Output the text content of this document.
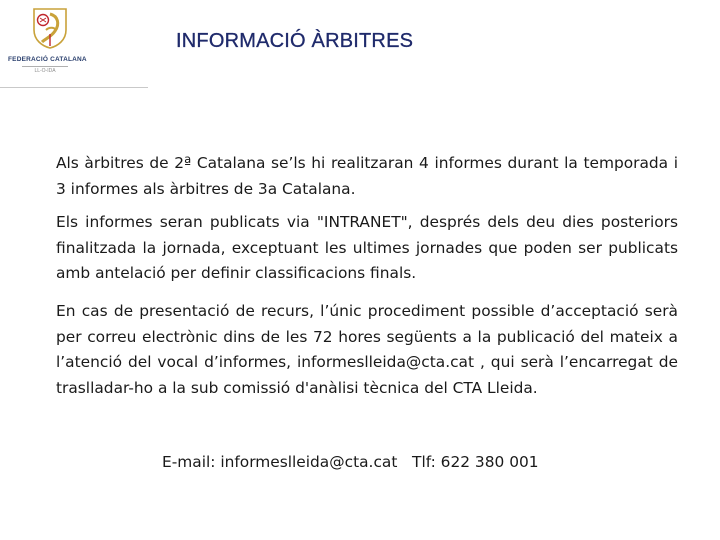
FEDERACIÓ CATALANA
LL-O-IDA
INFORMACIÓ ÀRBITRES

Als àrbitres de 2ª Catalana se’ls hi realitzaran 4 informes durant la temporada i 3 informes als àrbitres de 3a Catalana.

Els informes seran publicats via "INTRANET", després dels deu dies posteriors finalitzada la jornada, exceptuant les ultimes jornades que poden ser publicats amb antelació per definir classificacions finals.

En cas de presentació de recurs, l’únic procediment possible d’acceptació serà per correu electrònic dins de les 72 hores següents a la publicació del mateix a l’atenció del vocal d’informes, informeslleida@cta.cat , qui serà l’encarregat de traslladar-ho a la sub comissió d'anàlisi tècnica del CTA Lleida.

E-mail: informeslleida@cta.cat   Tlf: 622 380 001
